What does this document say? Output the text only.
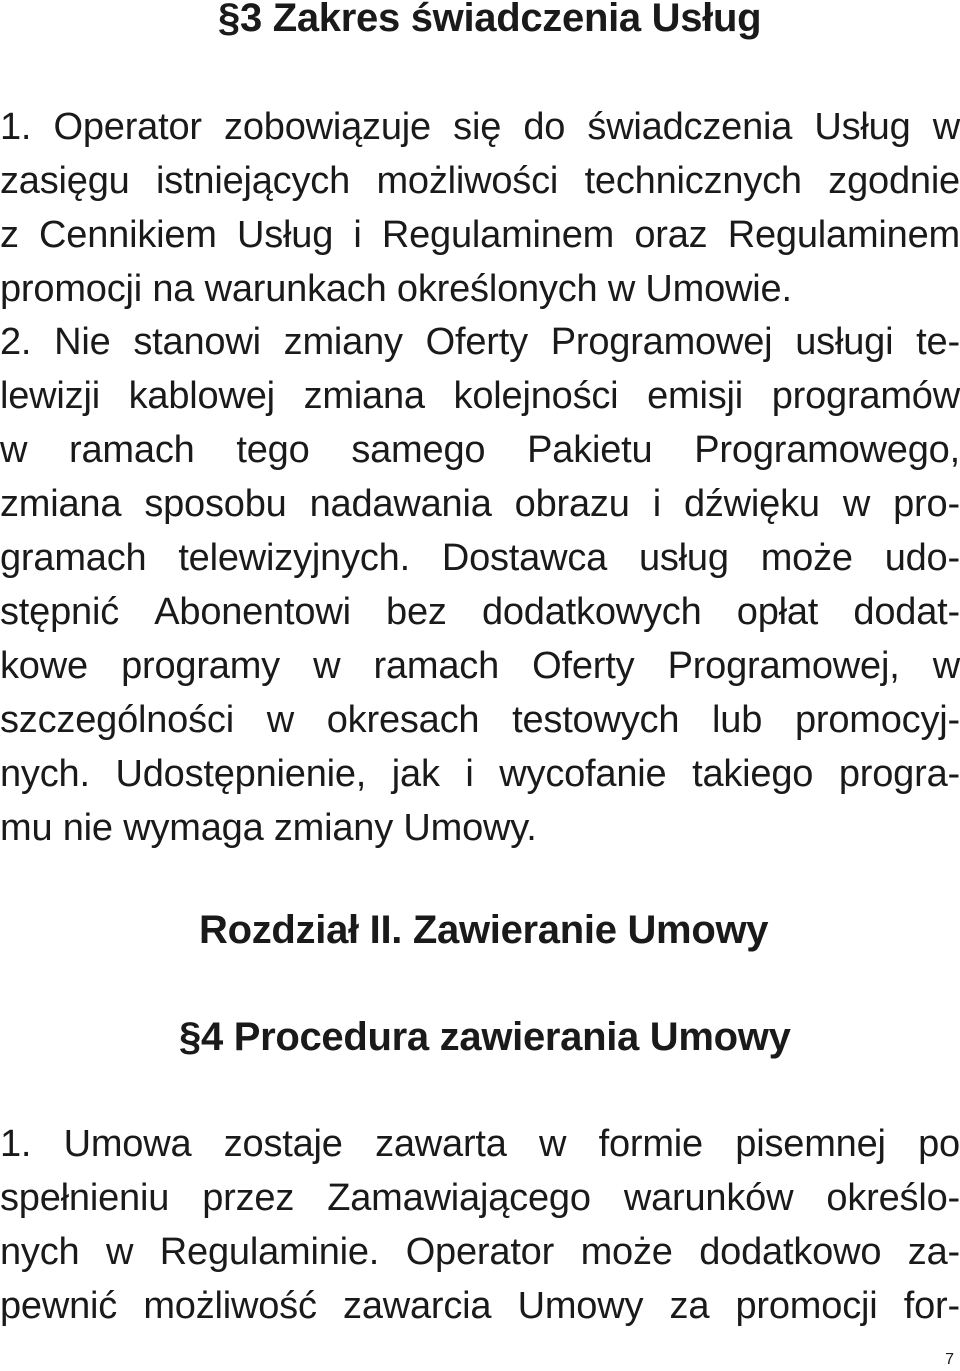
§3 Zakres świadczenia Usług
1. Operator zobowiązuje się do świadczenia Usług w
zasięgu istniejących możliwości technicznych zgodnie
z Cennikiem Usług i Regulaminem oraz Regulaminem
promocji na warunkach określonych w Umowie.
2. Nie stanowi zmiany Oferty Programowej usługi te-
lewizji kablowej zmiana kolejności emisji programów
w ramach tego samego Pakietu Programowego,
zmiana sposobu nadawania obrazu i dźwięku w pro-
gramach telewizyjnych. Dostawca usług może udo-
stępnić Abonentowi bez dodatkowych opłat dodat-
kowe programy w ramach Oferty Programowej, w
szczególności w okresach testowych lub promocyj-
nych. Udostępnienie, jak i wycofanie takiego progra-
mu nie wymaga zmiany Umowy.
Rozdział II. Zawieranie Umowy
§4 Procedura zawierania Umowy
1. Umowa zostaje zawarta w formie pisemnej po
spełnieniu przez Zamawiającego warunków określo-
nych w Regulaminie. Operator może dodatkowo za-
pewnić możliwość zawarcia Umowy za promocji for-
7
